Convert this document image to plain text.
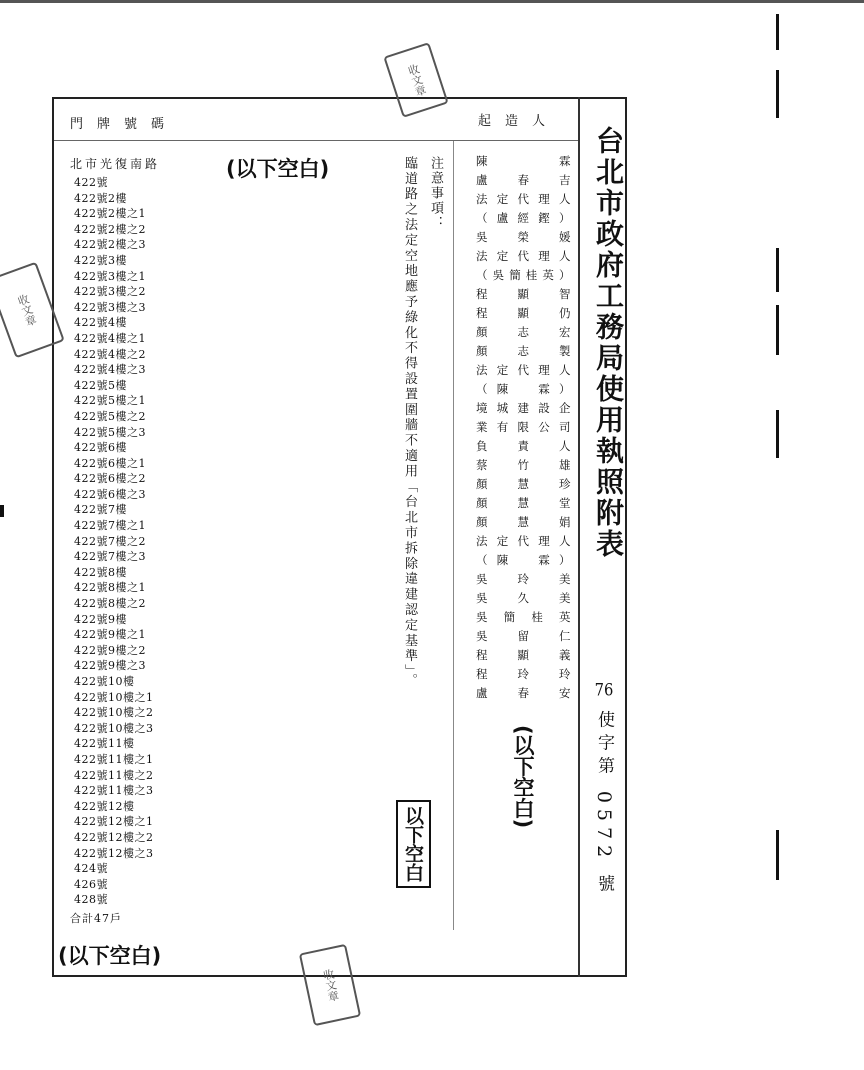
門牌號碼	起造人
台北市政府工務局使用執照附表
76 使字第 0572 號
北市光復南路
422號
422號2樓
422號2樓之1
422號2樓之2
422號2樓之3
422號3樓
422號3樓之1
422號3樓之2
422號3樓之3
422號4樓
422號4樓之1
422號4樓之2
422號4樓之3
422號5樓
422號5樓之1
422號5樓之2
422號5樓之3
422號6樓
422號6樓之1
422號6樓之2
422號6樓之3
422號7樓
422號7樓之1
422號7樓之2
422號7樓之3
422號8樓
422號8樓之1
422號8樓之2
422號9樓
422號9樓之1
422號9樓之2
422號9樓之3
422號10樓
422號10樓之1
422號10樓之2
422號10樓之3
422號11樓
422號11樓之1
422號11樓之2
422號11樓之3
422號12樓
422號12樓之1
422號12樓之2
422號12樓之3
424號
426號
428號
合計47戶
(以下空白)
(以下空白)	注意事項：
臨道路之法定空地應予綠化不得設置圍牆不適用「台北市拆除違建認定基準」。
以下空白
陳　　　　霖
盧　春　吉
法定代理人
（盧經鏗）
吳　榮　媛
法定代理人
（吳簡桂英）
程　顯　智
程　顯　仍
顏　志　宏
顏　志　製
法定代理人
（陳　霖）
境城建設企
業有限公司
負責人
蔡　竹　雄
顏　慧　珍
顏　慧　堂
顏　慧　娟
法定代理人
（陳　霖）
吳　玲　美
吳　久　美
吳簡桂英
吳　留　仁
程　顯　義
程　玲　玲
盧　春　安
(以下空白)
收文章
收文章
收文章
